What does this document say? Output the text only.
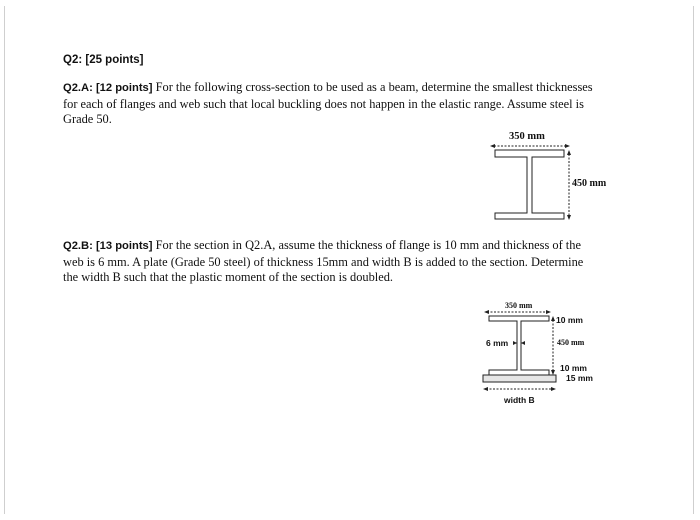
Q2: [25 points]
Q2.A: [12 points] For the following cross-section to be used as a beam, determine the smallest thicknesses
for each of flanges and web such that local buckling does not happen in the elastic range. Assume steel is
Grade 50.
Q2.B: [13 points] For the section in Q2.A, assume the thickness of flange is 10 mm and thickness of the
web is 6 mm. A plate (Grade 50 steel) of thickness 15mm and width B is added to the section. Determine
the width B such that the plastic moment of the section is doubled.
350 mm
450 mm
350 mm
10 mm
6 mm	450 mm
10 mm
15 mm
width B
